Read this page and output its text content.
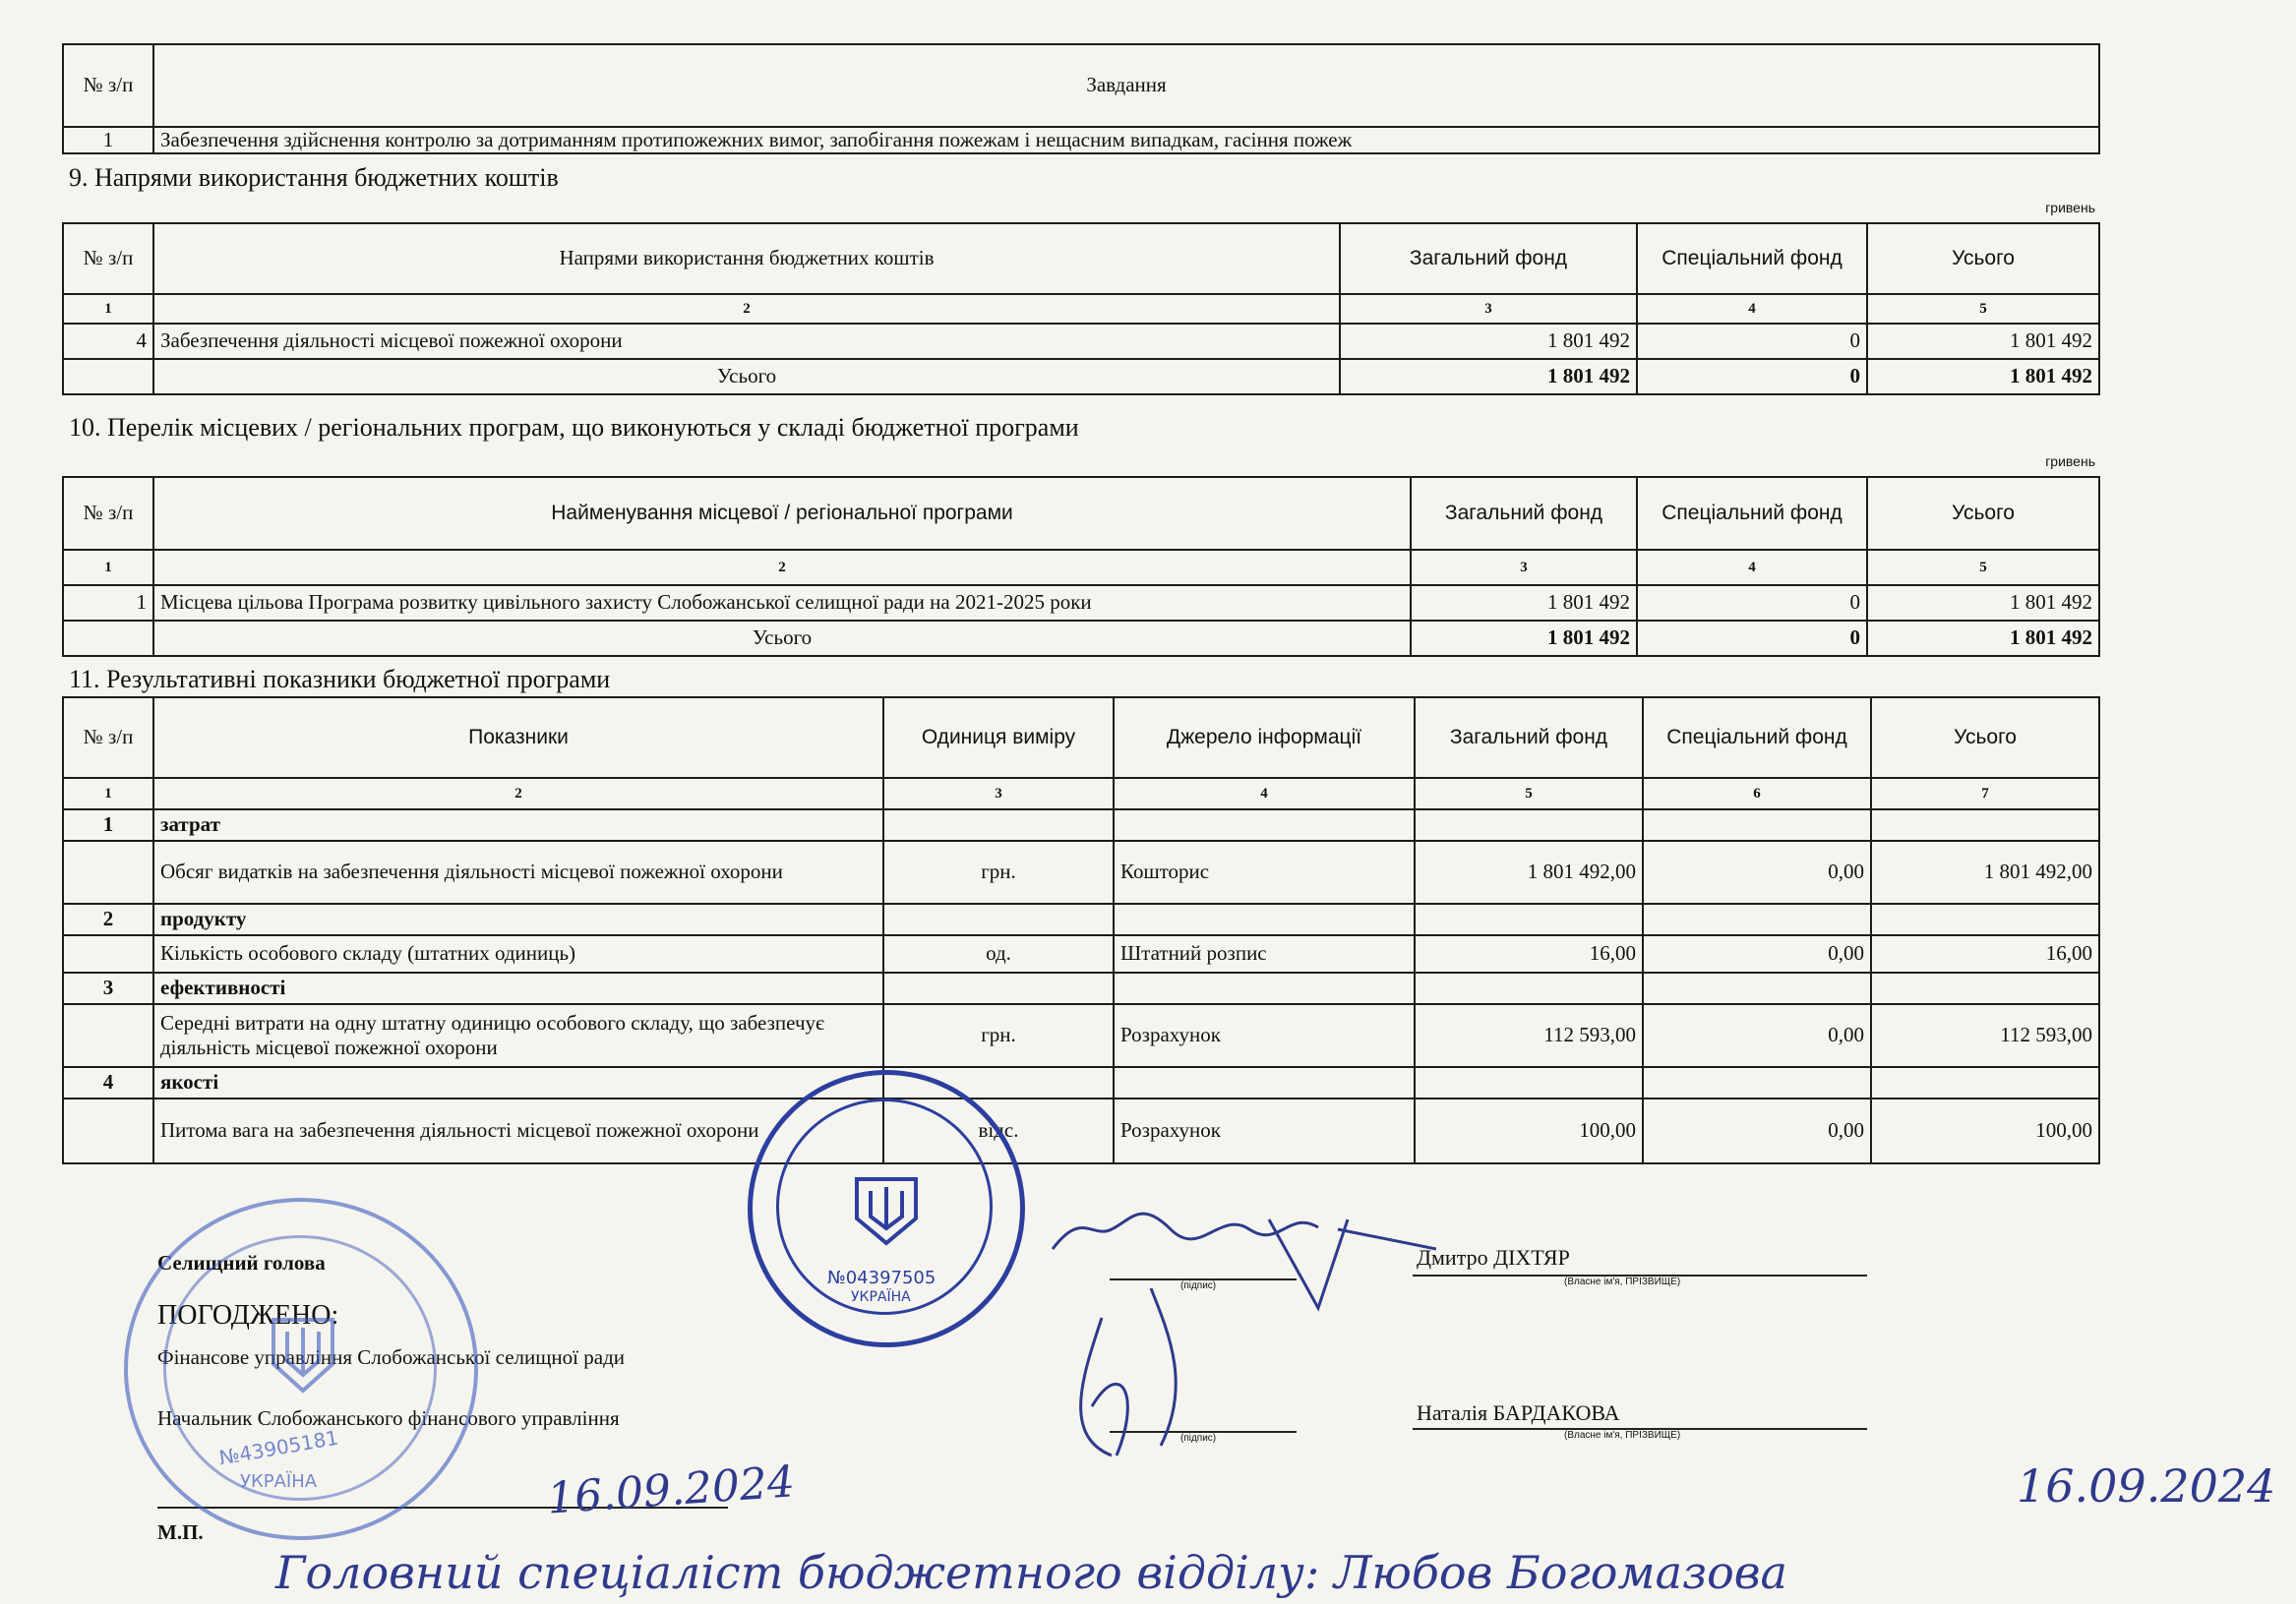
№ з/п	Завдання
1	Забезпечення здійснення контролю за дотриманням протипожежних вимог, запобігання пожежам і нещасним випадкам, гасіння пожеж
9. Напрями використання бюджетних коштів
гривень
№ з/п	Напрями використання бюджетних коштів	Загальний фонд	Спеціальний фонд	Усього
1	2	3	4	5
4	Забезпечення діяльності місцевої пожежної охорони	1 801 492	0	1 801 492
	Усього	1 801 492	0	1 801 492
10. Перелік місцевих / регіональних програм, що виконуються у складі бюджетної програми
гривень
№ з/п	Найменування місцевої / регіональної програми	Загальний фонд	Спеціальний фонд	Усього
1	2	3	4	5
1	Місцева цільова Програма розвитку цивільного захисту Слобожанської селищної ради на 2021-2025 роки	1 801 492	0	1 801 492
	Усього	1 801 492	0	1 801 492
11. Результативні показники бюджетної програми
№ з/п	Показники	Одиниця виміру	Джерело інформації	Загальний фонд	Спеціальний фонд	Усього
1	2	3	4	5	6	7
1	затрат					
	Обсяг видатків на забезпечення діяльності місцевої пожежної охорони	грн.	Кошторис	1 801 492,00	0,00	1 801 492,00
2	продукту					
	Кількість особового складу (штатних одиниць)	од.	Штатний розпис	16,00	0,00	16,00
3	ефективності					
	Середні витрати на одну штатну одиницю особового складу, що забезпечує діяльність місцевої пожежної охорони	грн.	Розрахунок	112 593,00	0,00	112 593,00
4	якості					
	Питома вага на забезпечення діяльності місцевої пожежної охорони	відс.	Розрахунок	100,00	0,00	100,00
Селищний голова
(підпис)
Дмитро ДІХТЯР
(Власне ім'я, ПРІЗВИЩЕ)
ПОГОДЖЕНО:
Фінансове управління Слобожанської селищної ради
Начальник Слобожанського фінансового управління
(підпис)
Наталія БАРДАКОВА
(Власне ім'я, ПРІЗВИЩЕ)
М.П.
16.09.2024	16.09.2024
Головний спеціаліст бюджетного відділу: Любов Богомазова
№04397505
УКРАЇНА
№43905181
УКРАЇНА
